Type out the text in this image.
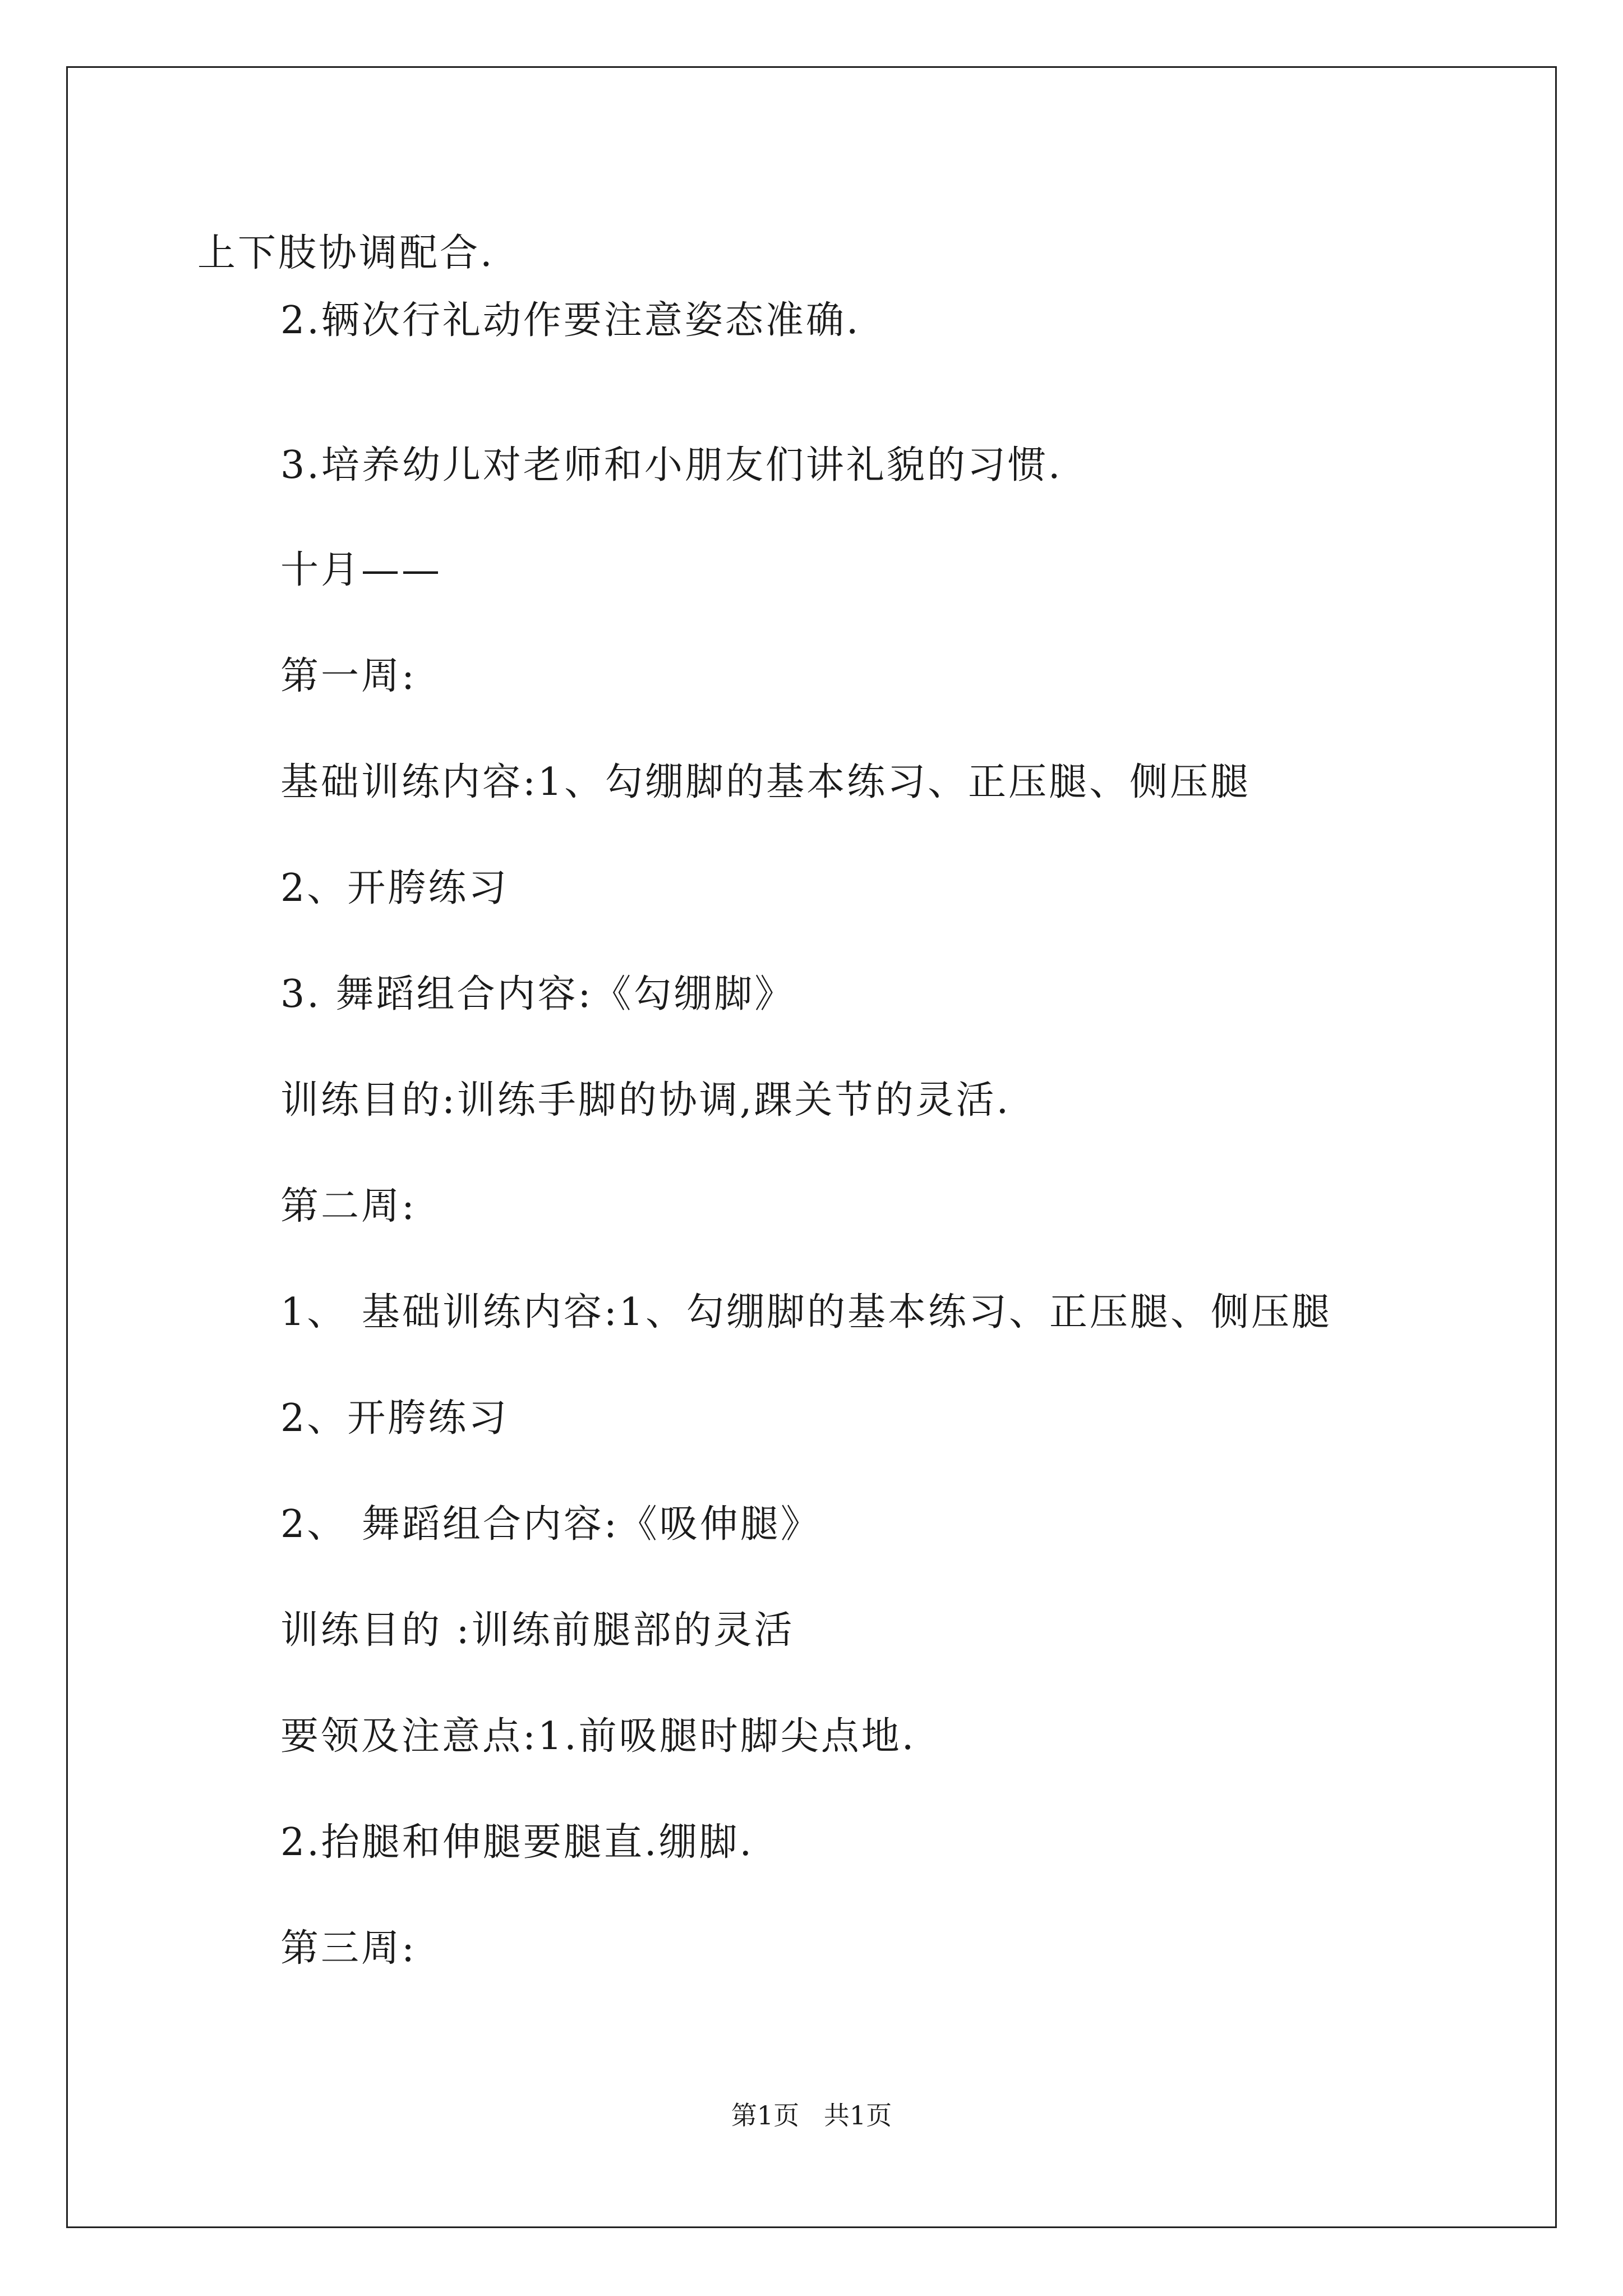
上下肢协调配合.
2.辆次行礼动作要注意姿态准确.
3.培养幼儿对老师和小朋友们讲礼貌的习惯.
十月——
第一周:
基础训练内容:1、勾绷脚的基本练习、正压腿、侧压腿
2、开胯练习
3. 舞蹈组合内容:《勾绷脚》
训练目的:训练手脚的协调,踝关节的灵活.
第二周:
1、 基础训练内容:1、勾绷脚的基本练习、正压腿、侧压腿
2、开胯练习
2、 舞蹈组合内容:《吸伸腿》
训练目的 :训练前腿部的灵活
要领及注意点:1.前吸腿时脚尖点地.
2.抬腿和伸腿要腿直.绷脚.
第三周:
第1页   共1页
